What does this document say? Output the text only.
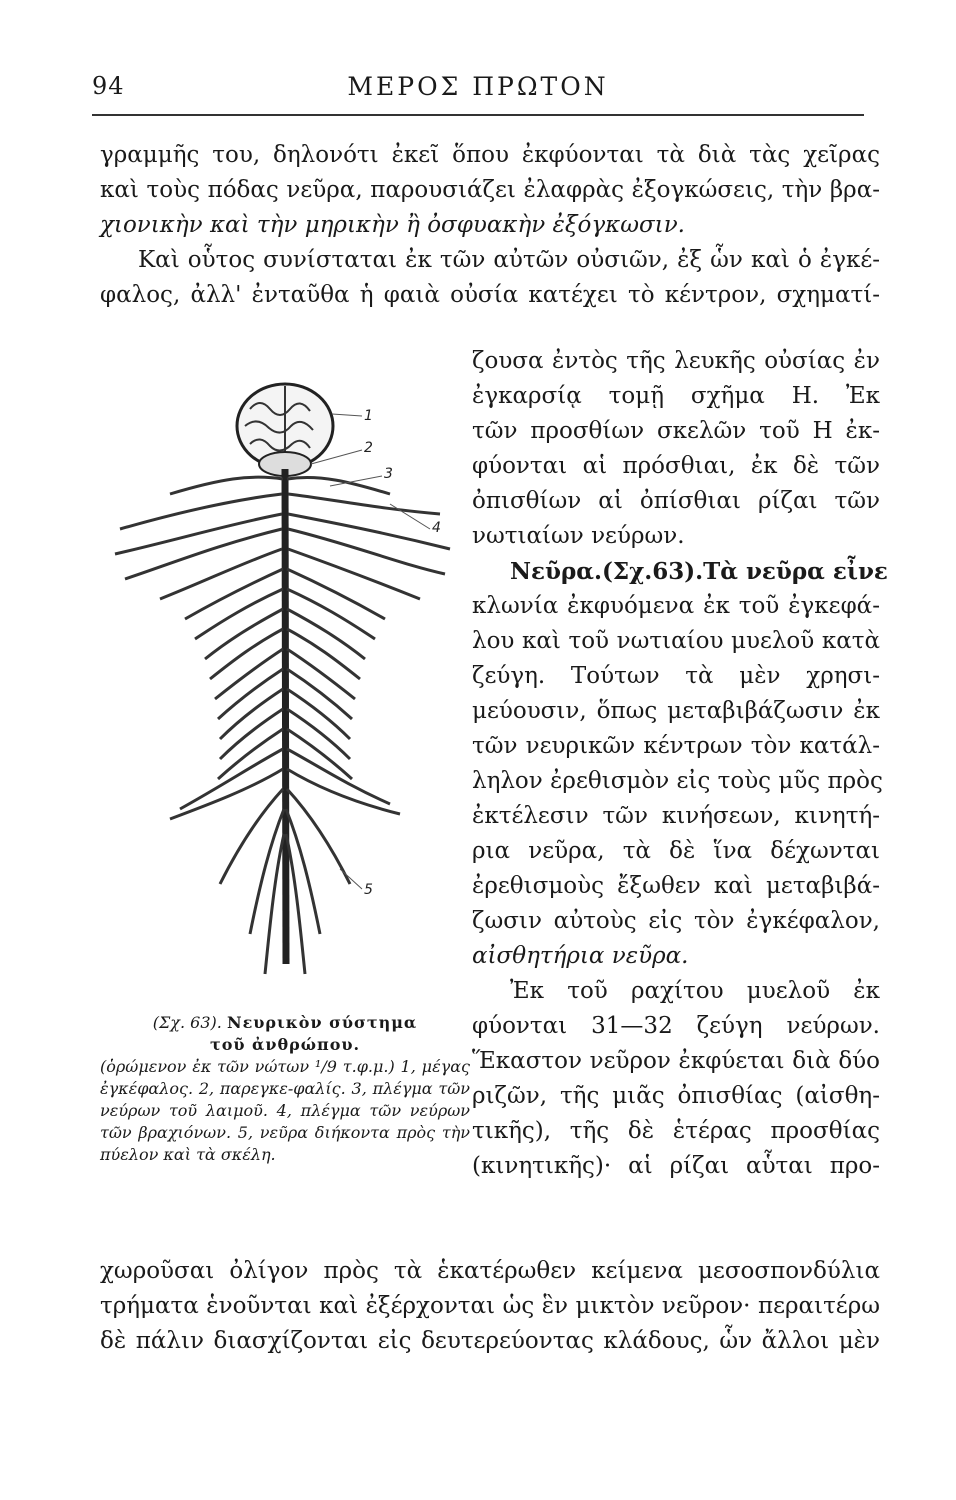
94	ΜΕΡΟΣ ΠΡΩΤΟΝ
γραμμῆς του, δηλονότι ἐκεῖ ὅπου ἐκφύονται τὰ διὰ τὰς χεῖρας
καὶ τοὺς πόδας νεῦρα, παρουσιάζει ἐλαφρὰς ἐξογκώσεις, τὴν βρα-
χιονικὴν καὶ τὴν μηρικὴν ἢ ὀσφυακὴν ἐξόγκωσιν.
Καὶ οὗτος συνίσταται ἐκ τῶν αὐτῶν οὐσιῶν, ἐξ ὧν καὶ ὁ ἐγκέ-
φαλος, ἀλλ' ἐνταῦθα ἡ φαιὰ οὐσία κατέχει τὸ κέντρον, σχηματί-
1
2
3
4
5
ζουσα ἐντὸς τῆς λευκῆς οὐσίας ἐν
ἐγκαρσίᾳ τομῇ σχῆμα Η. Ἐκ
τῶν προσθίων σκελῶν τοῦ Η ἐκ-
φύονται αἱ πρόσθιαι, ἐκ δὲ τῶν
ὀπισθίων αἱ ὀπίσθιαι ρίζαι τῶν
νωτιαίων νεύρων.
Νεῦρα.(Σχ.63).Τὰ νεῦρα εἶνε
κλωνία ἐκφυόμενα ἐκ τοῦ ἐγκεφά-
λου καὶ τοῦ νωτιαίου μυελοῦ κατὰ
ζεύγη. Τούτων τὰ μὲν χρησι-
μεύουσιν, ὅπως μεταβιβάζωσιν ἐκ
τῶν νευρικῶν κέντρων τὸν κατάλ-
ληλον ἐρεθισμὸν εἰς τοὺς μῦς πρὸς
ἐκτέλεσιν τῶν κινήσεων, κινητή-
ρια νεῦρα, τὰ δὲ ἵνα δέχωνται
ἐρεθισμοὺς ἔξωθεν καὶ μεταβιβά-
ζωσιν αὐτοὺς εἰς τὸν ἐγκέφαλον,
αἰσθητήρια νεῦρα.
Ἐκ τοῦ ραχίτου μυελοῦ ἐκ
φύονται 31—32 ζεύγη νεύρων.
Ἕκαστον νεῦρον ἐκφύεται διὰ δύο
ριζῶν, τῆς μιᾶς ὀπισθίας (αἰσθη-
τικῆς), τῆς δὲ ἑτέρας προσθίας
(κινητικῆς)· αἱ ρίζαι αὗται προ-
(Σχ. 63). Νευρικὸν σύστημα
τοῦ ἀνθρώπου.
(ὁρώμενον ἐκ τῶν νώτων ¹/9 τ.φ.μ.) 1, μέγας ἐγκέφαλος. 2, παρεγκε-φαλίς. 3, πλέγμα τῶν νεύρων τοῦ λαιμοῦ. 4, πλέγμα τῶν νεύρων τῶν βραχιόνων. 5, νεῦρα διήκοντα πρὸς τὴν πύελον καὶ τὰ σκέλη.
χωροῦσαι ὀλίγον πρὸς τὰ ἑκατέρωθεν κείμενα μεσοσπονδύλια
τρήματα ἑνοῦνται καὶ ἐξέρχονται ὡς ἓν μικτὸν νεῦρον· περαιτέρω
δὲ πάλιν διασχίζονται εἰς δευτερεύοντας κλάδους, ὧν ἄλλοι μὲν
